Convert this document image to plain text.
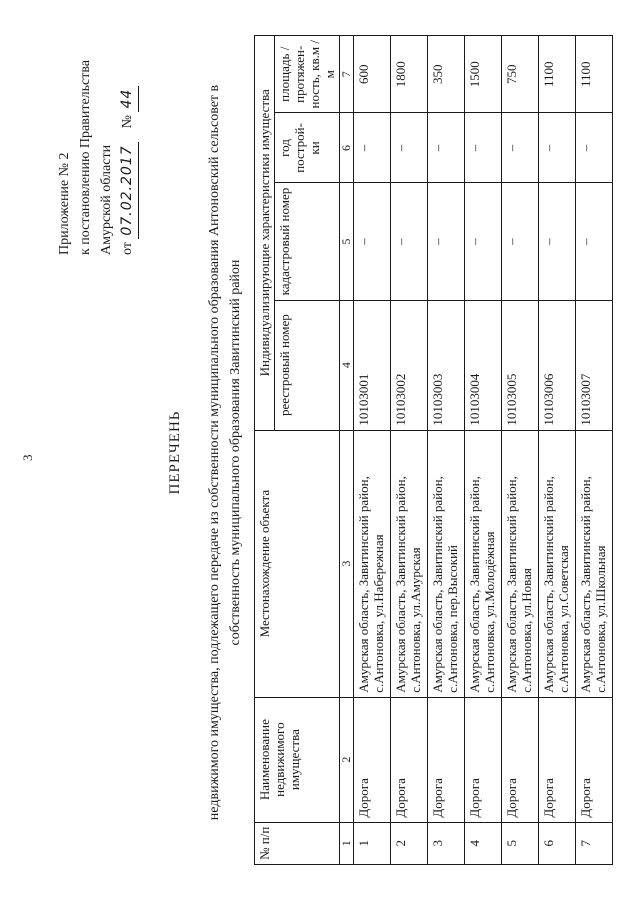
3
Приложение № 2 к постановлению Правительства Амурской области от 07.02.2017    № 44
ПЕРЕЧЕНЬ недвижимого имущества, подлежащего передаче из собственности муниципального образования Антоновский сельсовет в собственность муниципального образования Завитинский район
№ п/п	Наименование недвижимого имущества	Местонахождение объекта	Индивидуализирующие характеристики имущества			
			реестровый номер	кадастровый номер	год построй- ки	площадь / протяжен- ность, кв.м / м
1	2	3	4	5	6	7
1	Дорога	Амурская область, Завитинский район, с.Антоновка, ул.Набережная	10103001	–	–	600
2	Дорога	Амурская область, Завитинский район, с.Антоновка, ул.Амурская	10103002	–	–	1800
3	Дорога	Амурская область, Завитинский район, с.Антоновка, пер.Высокий	10103003	–	–	350
4	Дорога	Амурская область, Завитинский район, с.Антоновка, ул.Молодёжная	10103004	–	–	1500
5	Дорога	Амурская область, Завитинский район, с.Антоновка, ул.Новая	10103005	–	–	750
6	Дорога	Амурская область, Завитинский район, с.Антоновка, ул.Советская	10103006	–	–	1100
7	Дорога	Амурская область, Завитинский район, с.Антоновка, ул.Школьная	10103007	–	–	1100
